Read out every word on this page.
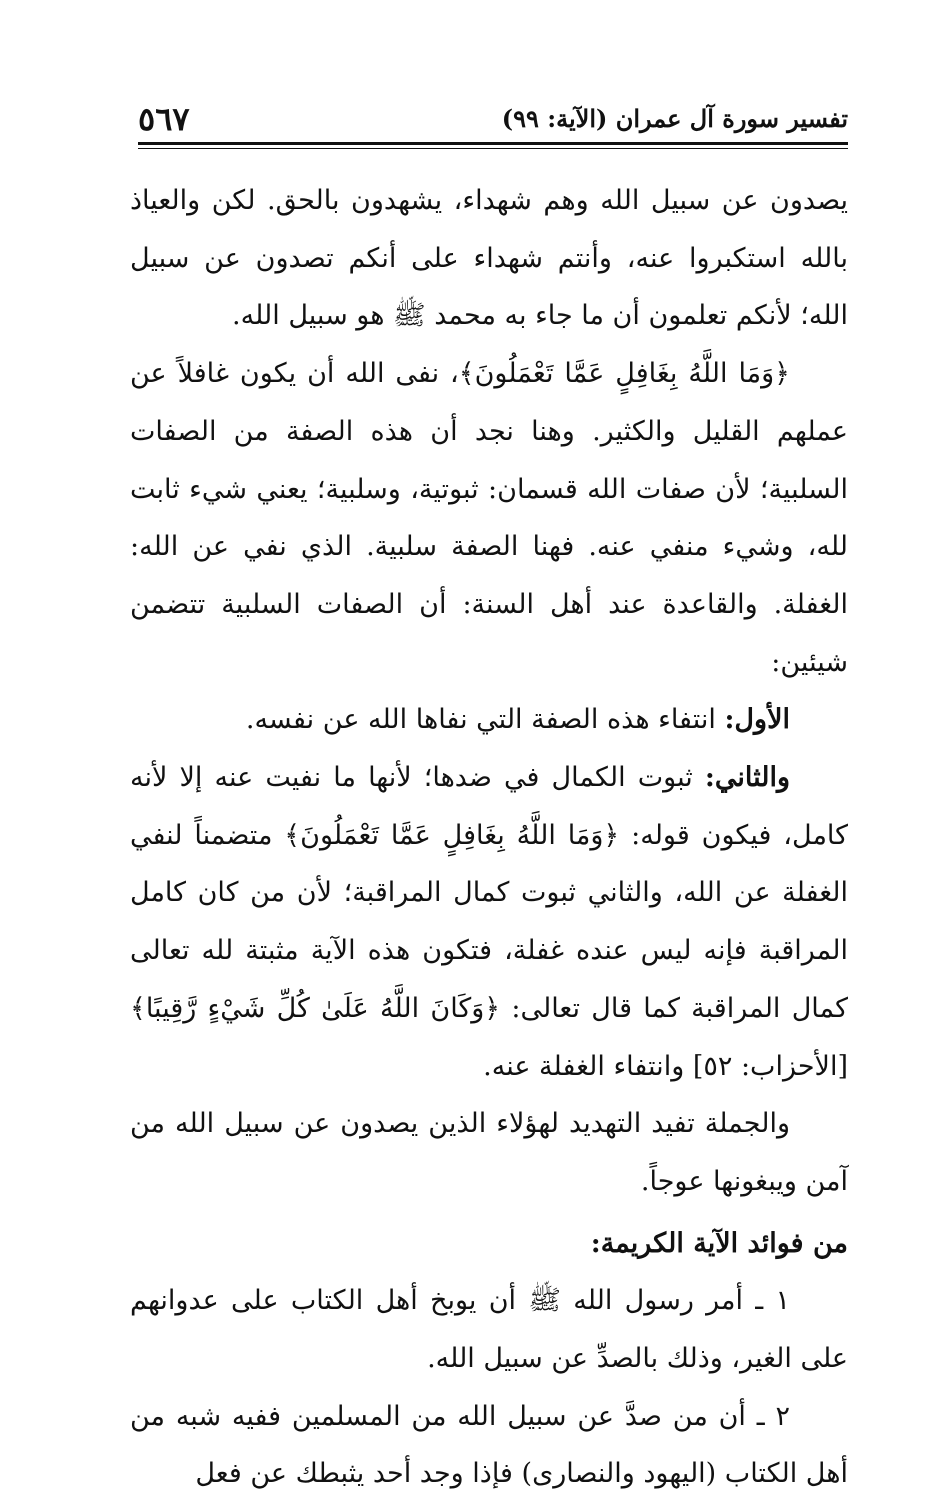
تفسير سورة آل عمران (الآية: ٩٩)
٥٦٧

يصدون عن سبيل الله وهم شهداء، يشهدون بالحق. لكن والعياذ بالله استكبروا عنه، وأنتم شهداء على أنكم تصدون عن سبيل الله؛ لأنكم تعلمون أن ما جاء به محمد ﷺ هو سبيل الله.

﴿وَمَا اللَّهُ بِغَافِلٍ عَمَّا تَعْمَلُونَ﴾، نفى الله أن يكون غافلاً عن عملهم القليل والكثير. وهنا نجد أن هذه الصفة من الصفات السلبية؛ لأن صفات الله قسمان: ثبوتية، وسلبية؛ يعني شيء ثابت لله، وشيء منفي عنه. فهنا الصفة سلبية. الذي نفي عن الله: الغفلة. والقاعدة عند أهل السنة: أن الصفات السلبية تتضمن شيئين:

الأول: انتفاء هذه الصفة التي نفاها الله عن نفسه.

والثاني: ثبوت الكمال في ضدها؛ لأنها ما نفيت عنه إلا لأنه كامل، فيكون قوله: ﴿وَمَا اللَّهُ بِغَافِلٍ عَمَّا تَعْمَلُونَ﴾ متضمناً لنفي الغفلة عن الله، والثاني ثبوت كمال المراقبة؛ لأن من كان كامل المراقبة فإنه ليس عنده غفلة، فتكون هذه الآية مثبتة لله تعالى كمال المراقبة كما قال تعالى: ﴿وَكَانَ اللَّهُ عَلَىٰ كُلِّ شَيْءٍ رَّقِيبًا﴾ [الأحزاب: ٥٢] وانتفاء الغفلة عنه.

والجملة تفيد التهديد لهؤلاء الذين يصدون عن سبيل الله من آمن ويبغونها عوجاً.

من فوائد الآية الكريمة:

١ ـ أمر رسول الله ﷺ أن يوبخ أهل الكتاب على عدوانهم على الغير، وذلك بالصدِّ عن سبيل الله.

٢ ـ أن من صدَّ عن سبيل الله من المسلمين ففيه شبه من أهل الكتاب (اليهود والنصارى) فإذا وجد أحد يثبطك عن فعل
